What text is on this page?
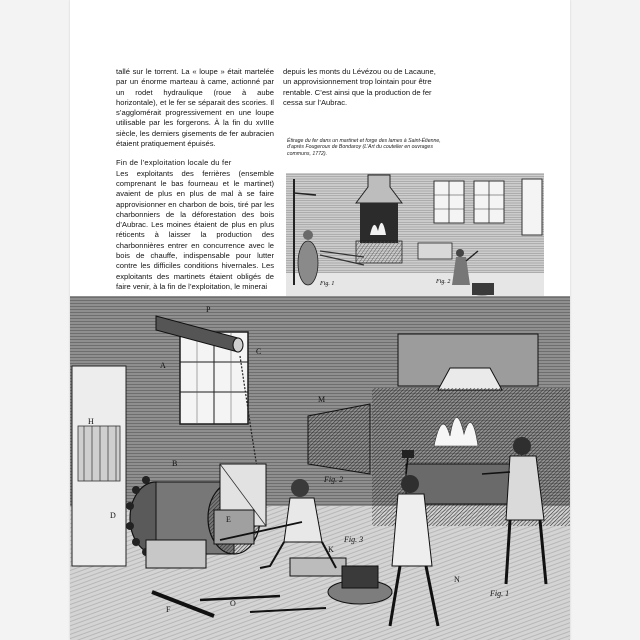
tallé sur le torrent. La « loupe » était martelée par un énorme marteau à came, actionné par un rodet hydraulique (roue à aube horizontale), et le fer se séparait des scories. Il s’agglomérait progressivement en une loupe utilisable par les forgerons. À la fin du xvIIIe siècle, les derniers gisements de fer aubracien étaient pratiquement épuisés.

Fin de l’exploitation locale du fer

Les exploitants des ferrières (ensemble comprenant le bas fourneau et le martinet) avaient de plus en plus de mal à se faire approvisionner en charbon de bois, tiré par les charbonniers de la déforestation des bois d’Aubrac. Les moines étaient de plus en plus réticents à laisser la production des charbonnières entrer en concurrence avec le bois de chauffe, indispensable pour lutter contre les difficiles conditions hivernales. Les exploitants des martinets étaient obligés de faire venir, à la fin de l’exploitation, le minerai

depuis les monts du Lévézou ou de Lacaune, un approvisionnement trop lointain pour être rentable. C’est ainsi que la production de fer cessa sur l’Aubrac.

Étirage du fer dans un martinet et forge des lames à Saint-Étienne, d’après Fougeroux de Bondaroy (L’Art du coutelier en ouvrages communs, 1772).
Fig. 1	Fig. 2
A
B
C
D	E
F
H
K
M
N
O
P
Fig. 2
Fig. 3
Fig. 1
